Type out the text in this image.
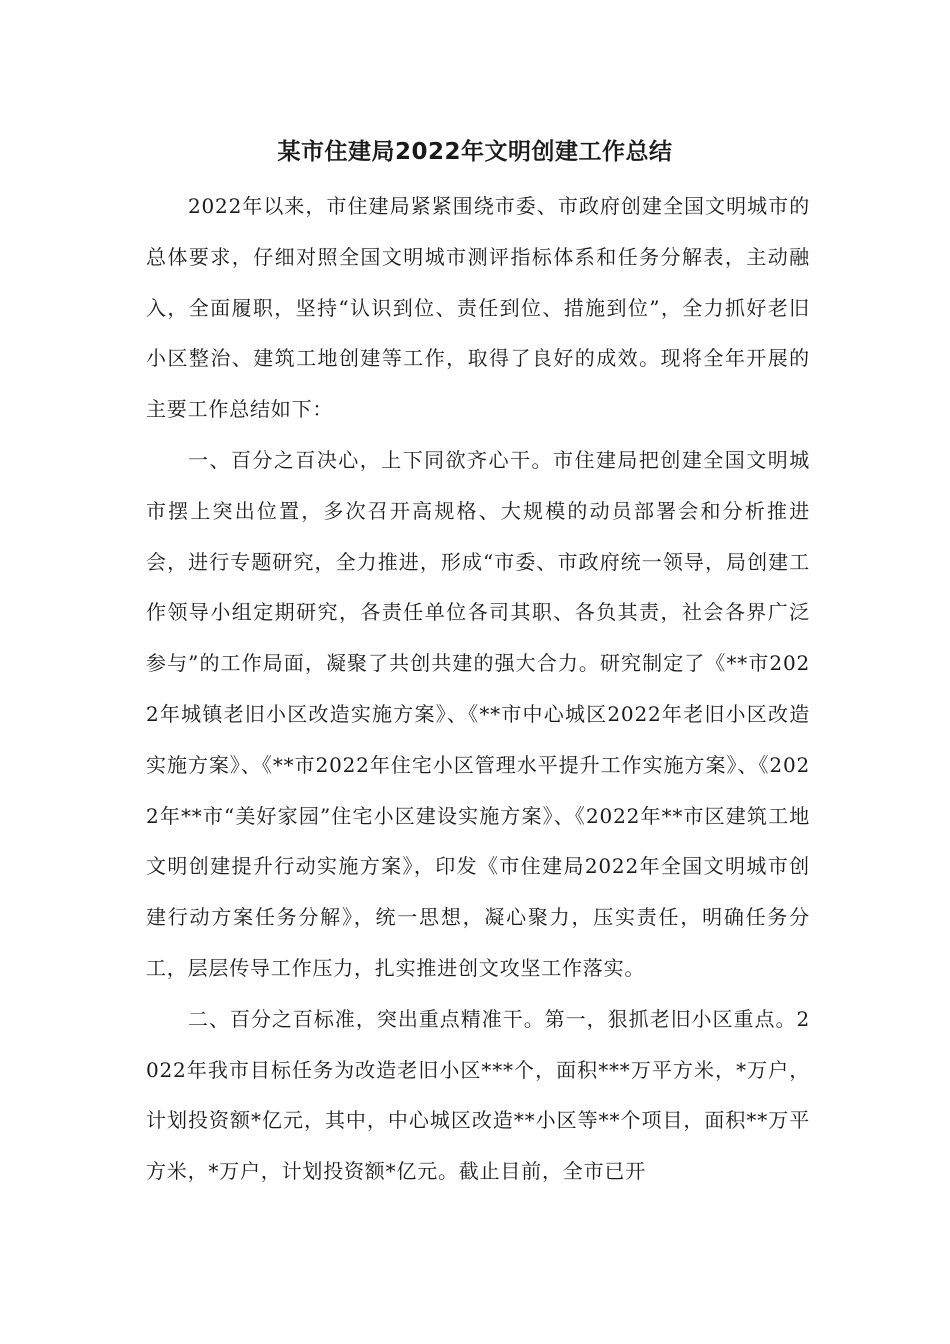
某市住建局2022年文明创建工作总结

2022年以来，市住建局紧紧围绕市委、市政府创建全国文明城市的总体要求，仔细对照全国文明城市测评指标体系和任务分解表，主动融入，全面履职，坚持“认识到位、责任到位、措施到位”，全力抓好老旧小区整治、建筑工地创建等工作，取得了良好的成效。现将全年开展的主要工作总结如下：

一、百分之百决心，上下同欲齐心干。市住建局把创建全国文明城市摆上突出位置，多次召开高规格、大规模的动员部署会和分析推进会，进行专题研究，全力推进，形成“市委、市政府统一领导，局创建工作领导小组定期研究，各责任单位各司其职、各负其责，社会各界广泛参与”的工作局面，凝聚了共创共建的强大合力。研究制定了《**市2022年城镇老旧小区改造实施方案》、《**市中心城区2022年老旧小区改造实施方案》、《**市2022年住宅小区管理水平提升工作实施方案》、《2022年**市“美好家园”住宅小区建设实施方案》、《2022年**市区建筑工地文明创建提升行动实施方案》，印发《市住建局2022年全国文明城市创建行动方案任务分解》，统一思想，凝心聚力，压实责任，明确任务分工，层层传导工作压力，扎实推进创文攻坚工作落实。

二、百分之百标准，突出重点精准干。第一，狠抓老旧小区重点。2022年我市目标任务为改造老旧小区***个，面积***万平方米，*万户，计划投资额*亿元，其中，中心城区改造**小区等**个项目，面积**万平方米，*万户，计划投资额*亿元。截止目前，全市已开
